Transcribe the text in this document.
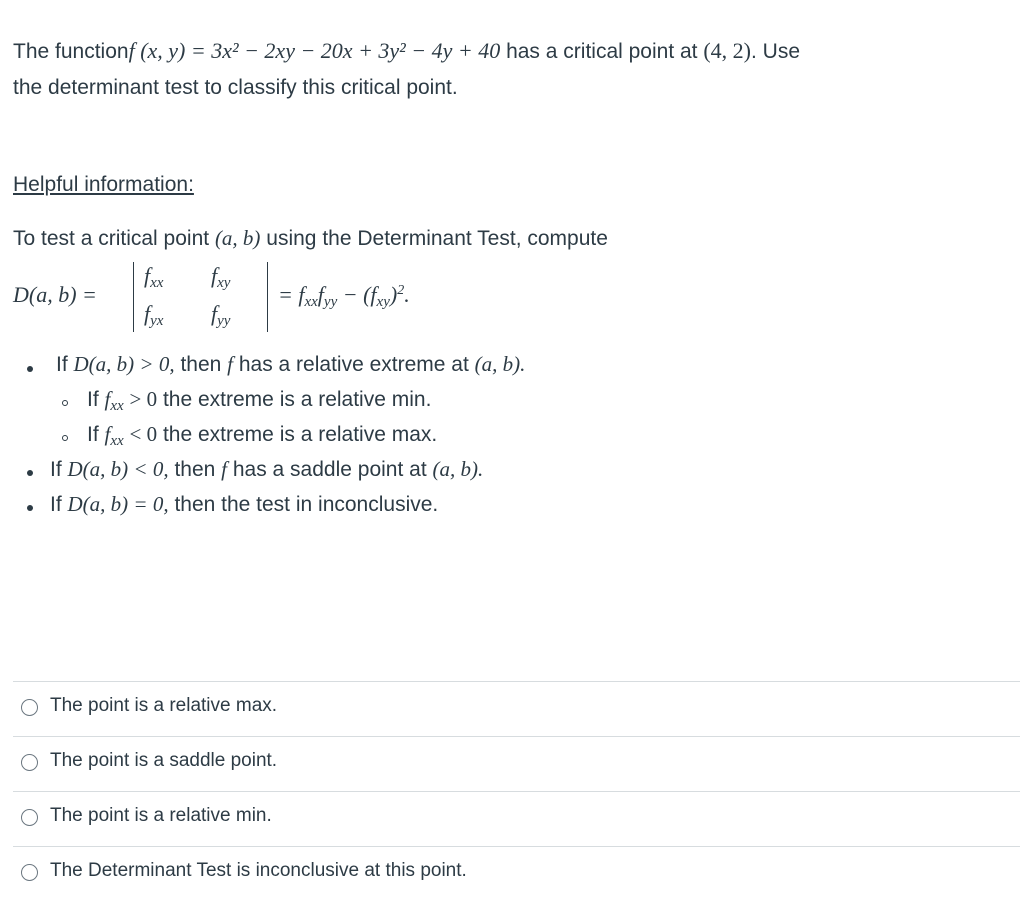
The functionf (x, y) = 3x² − 2xy − 20x + 3y² − 4y + 40 has a critical point at (4, 2). Use
the determinant test to classify this critical point.
Helpful information:
To test a critical point (a, b) using the Determinant Test, compute
D(a, b) =
fxx fxy
fyx fyy
= fxxfyy − (fxy)$^2$.
If D(a, b) > 0, then f has a relative extreme at (a, b).
If fxx > 0 the extreme is a relative min.
If fxx < 0 the extreme is a relative max.
If D(a, b) < 0, then f has a saddle point at (a, b).
If D(a, b) = 0, then the test in inconclusive.
The point is a relative max.
The point is a saddle point.
The point is a relative min.
The Determinant Test is inconclusive at this point.
